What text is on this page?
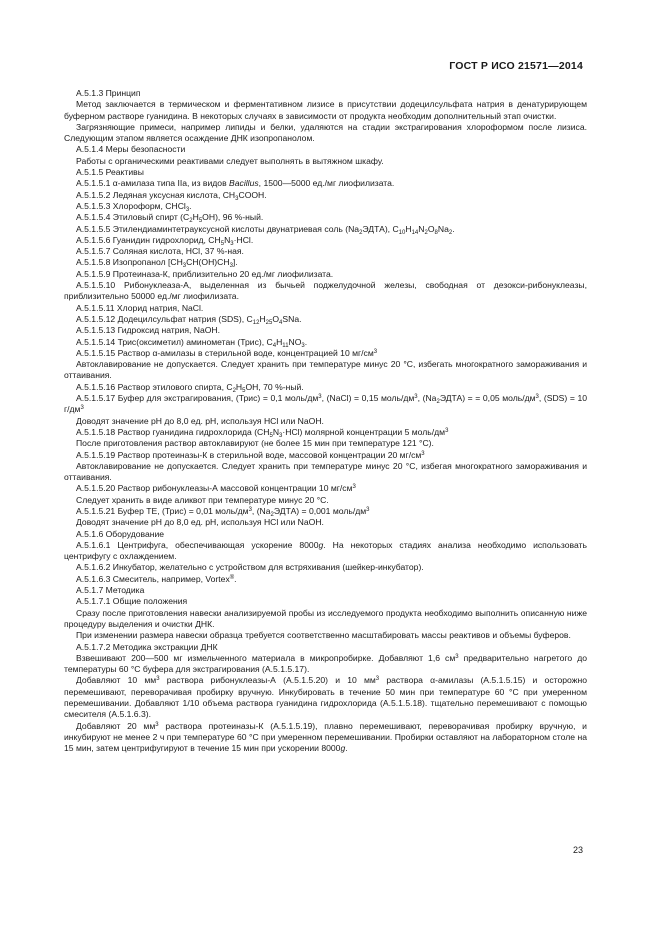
ГОСТ Р ИСО 21571—2014

A.5.1.3 Принцип

Метод заключается в термическом и ферментативном лизисе в присутствии додецилсульфата натрия в денатурирующем буферном растворе гуанидина. В некоторых случаях в зависимости от продукта необходим дополнительный этап очистки.

Загрязняющие примеси, например липиды и белки, удаляются на стадии экстрагирования хлороформом после лизиса. Следующим этапом является осаждение ДНК изопропанолом.

A.5.1.4 Меры безопасности

Работы с органическими реактивами следует выполнять в вытяжном шкафу.

A.5.1.5 Реактивы

A.5.1.5.1 α-амилаза типа IIa, из видов Bacillus, 1500—5000 ед./мг лиофилизата.

A.5.1.5.2 Ледяная уксусная кислота, $CH_3COOH$.

A.5.1.5.3 Хлороформ, CHCl$_3$.

A.5.1.5.4 Этиловый спирт $(C_2H_5OH)$, 96 %-ный.

A.5.1.5.5 Этилендиаминтетрауксусной кислоты двунатриевая соль $(Na_2ЭДТА)$, $C_{10}H_{14}N_2O_8Na_2$.

A.5.1.5.6 Гуанидин гидрохлорид, $CH_5N_3\cdot HCl$.

A.5.1.5.7 Соляная кислота, HCl, 37 %-ная.

A.5.1.5.8 Изопропанол $[CH_3CH(OH)CH_3]$.

A.5.1.5.9 Протеиназа-К, приблизительно 20 ед./мг лиофилизата.

A.5.1.5.10 Рибонуклеаза-А, выделенная из бычьей поджелудочной железы, свободная от дезокси-рибонуклеазы, приблизительно 50000 ед./мг лиофилизата.

A.5.1.5.11 Хлорид натрия, NaCl.

A.5.1.5.12 Додецилсульфат натрия (SDS), $C_{12}H_{25}O_4SNa$.

A.5.1.5.13 Гидроксид натрия, NaOH.

A.5.1.5.14 Трис(оксиметил) аминометан (Трис), $C_4H_{11}NO_3$.

A.5.1.5.15 Раствор α-амилазы в стерильной воде, концентрацией 10 $мг/см^3$

Автоклавирование не допускается. Следует хранить при температуре минус 20 °С, избегать многократного замораживания и оттаивания.

A.5.1.5.16 Раствор этилового спирта, $C_2H_5OH$, 70 %-ный.

A.5.1.5.17 Буфер для экстрагирования, (Трис) = 0,1 моль/$дм^3$, (NaCl) = 0,15 моль/$дм^3$, $(Na_2ЭДТА)$ = = 0,05 моль/$дм^3$, (SDS) = 10 $г/дм^3$

Доводят значение pH до 8,0 ед. pH, используя HCl или NaOH.

A.5.1.5.18 Раствор гуанидина гидрохлорида $(CH_5N_3\cdot HCl)$ молярной концентрации 5 моль/$дм^3$

После приготовления раствор автоклавируют (не более 15 мин при температуре 121 °С).

A.5.1.5.19 Раствор протеиназы-К в стерильной воде, массовой концентрации 20 $мг/см^3$

Автоклавирование не допускается. Следует хранить при температуре минус 20 °С, избегая многократного замораживания и оттаивания.

A.5.1.5.20 Раствор рибонуклеазы-А массовой концентрации 10 $мг/см^3$

Следует хранить в виде аликвот при температуре минус 20 °С.

A.5.1.5.21 Буфер ТЕ, (Трис) = 0,01 моль/$дм^3$, $(Na_2ЭДТА) = 0,001$ моль/$дм^3$

Доводят значение pH до 8,0 ед. pH, используя HCl или NaOH.

A.5.1.6 Оборудование

A.5.1.6.1 Центрифуга, обеспечивающая ускорение 8000g. На некоторых стадиях анализа необходимо использовать центрифугу с охлаждением.

A.5.1.6.2 Инкубатор, желательно с устройством для встряхивания (шейкер-инкубатор).

A.5.1.6.3 Смеситель, например, Vortex®.

A.5.1.7 Методика

A.5.1.7.1 Общие положения

Сразу после приготовления навески анализируемой пробы из исследуемого продукта необходимо выполнить описанную ниже процедуру выделения и очистки ДНК.

При изменении размера навески образца требуется соответственно масштабировать массы реактивов и объемы буферов.

A.5.1.7.2 Методика экстракции ДНК

Взвешивают 200—500 мг измельченного материала в микропробирке. Добавляют 1,6 $см^3$ предварительно нагретого до температуры 60 °С буфера для экстрагирования (A.5.1.5.17).

Добавляют 10 $мм^3$ раствора рибонуклеазы-А (A.5.1.5.20) и 10 $мм^3$ раствора α-амилазы (A.5.1.5.15) и осторожно перемешивают, переворачивая пробирку вручную. Инкубировать в течение 50 мин при температуре 60 °С при умеренном перемешивании. Добавляют 1/10 объема раствора гуанидина гидрохлорида (A.5.1.5.18). тщательно перемешивают с помощью смесителя (A.5.1.6.3).

Добавляют 20 $мм^3$ раствора протеиназы-К (A.5.1.5.19), плавно перемешивают, переворачивая пробирку вручную, и инкубируют не менее 2 ч при температуре 60 °С при умеренном перемешивании. Пробирки оставляют на лабораторном столе на 15 мин, затем центрифугируют в течение 15 мин при ускорении 8000g.

23
